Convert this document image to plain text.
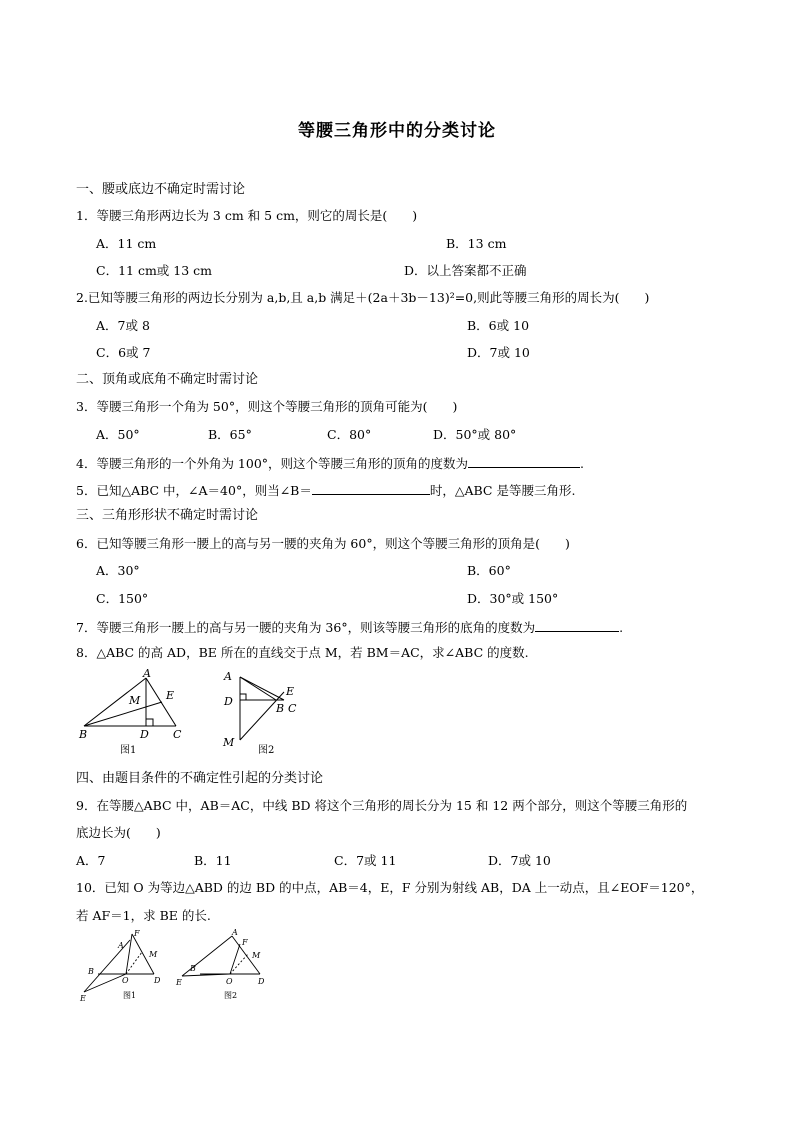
等腰三角形中的分类讨论
一、腰或底边不确定时需讨论
1．等腰三角形两边长为 3 cm 和 5 cm，则它的周长是(　　)
A．11 cm	B．13 cm
C．11 cm或 13 cm	D．以上答案都不正确
2.已知等腰三角形的两边长分别为 a,b,且 a,b 满足＋(2a＋3b－13)²=0,则此等腰三角形的周长为(　　)
A．7或 8	B．6或 10
C．6或 7	D．7或 10
二、顶角或底角不确定时需讨论
3．等腰三角形一个角为 50°，则这个等腰三角形的顶角可能为(　　)
A．50°	B．65°	C．80°	D．50°或 80°
4．等腰三角形的一个外角为 100°，则这个等腰三角形的顶角的度数为	.
5．已知△ABC 中，∠A＝40°，则当∠B＝	时，△ABC 是等腰三角形.
三、三角形形状不确定时需讨论
6．已知等腰三角形一腰上的高与另一腰的夹角为 60°，则这个等腰三角形的顶角是(　　)
A．30°	B．60°
C．150°	D．30°或 150°
7．等腰三角形一腰上的高与另一腰的夹角为 36°，则该等腰三角形的底角的度数为	.
8．△ABC 的高 AD，BE 所在的直线交于点 M，若 BM＝AC，求∠ABC 的度数.
A
E
M
B	D C
图1
A
E
D
B C
M
图2
四、由题目条件的不确定性引起的分类讨论
9．在等腰△ABC 中，AB＝AC，中线 BD 将这个三角形的周长分为 15 和 12 两个部分，则这个等腰三角形的
底边长为(　　)
A．7	B．11	C．7或 11	D．7或 10
10．已知 O 为等边△ABD 的边 BD 的中点，AB＝4，E，F 分别为射线 AB，DA 上一动点，且∠EOF＝120°，
若 AF＝1，求 BE 的长.
F
A
M
B
O	D
E	图1
A
F
M
B
E	O	D
图2
